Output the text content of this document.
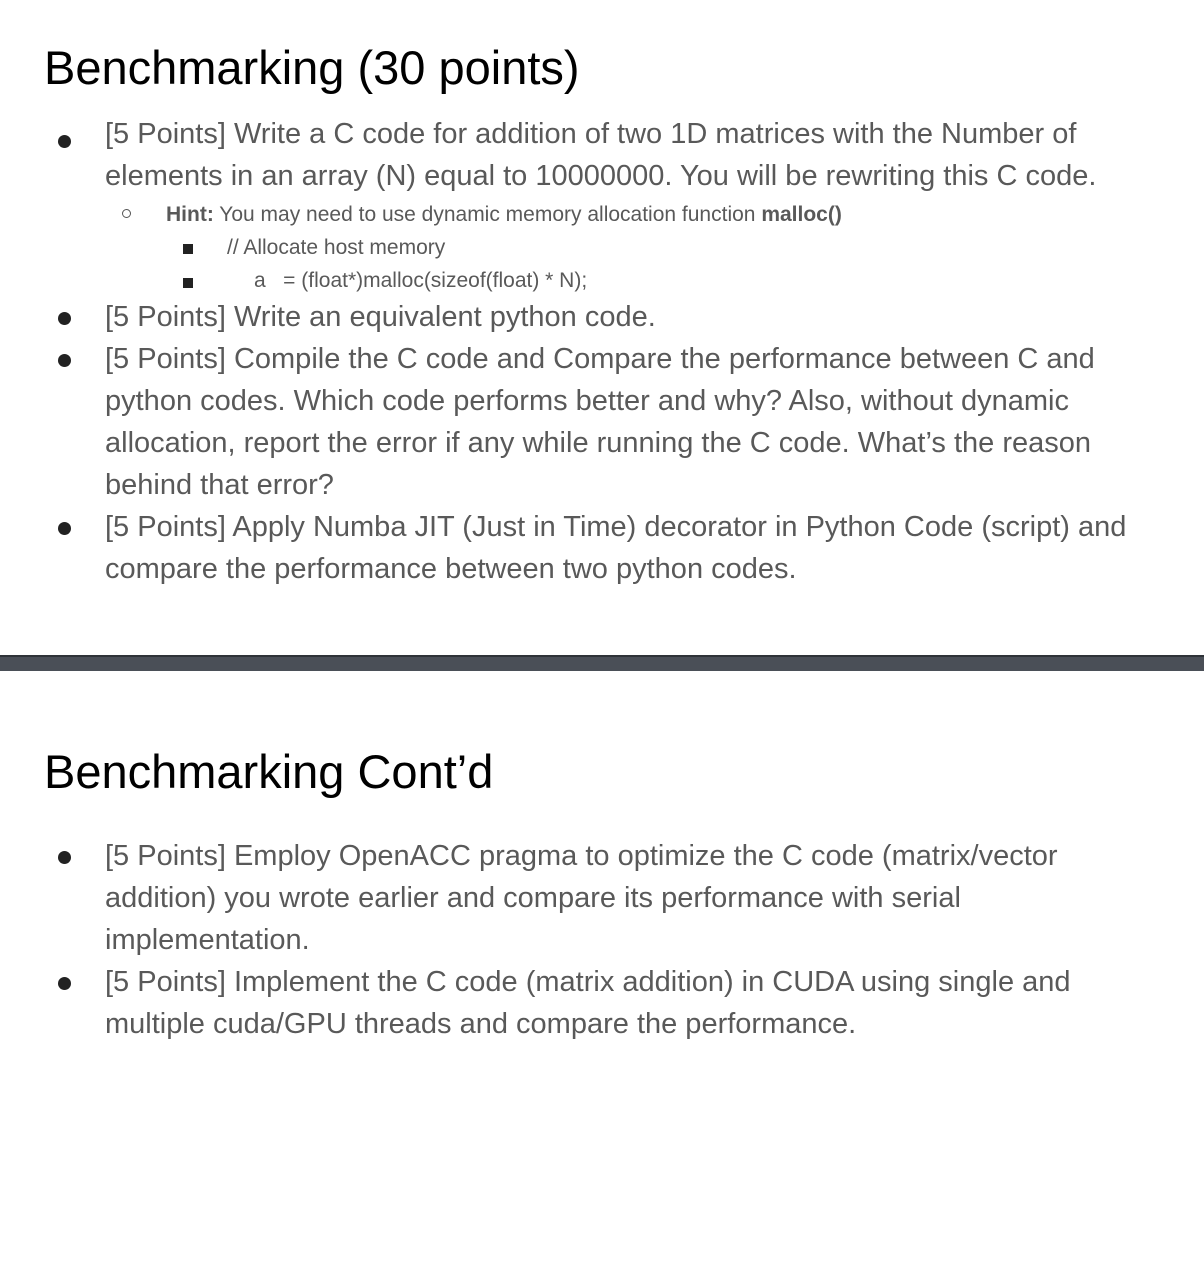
Benchmarking (30 points)

[5 Points] Write a C code for addition of two 1D matrices with the Number of elements in an array (N) equal to 10000000. You will be rewriting this C code.

Hint: You may need to use dynamic memory allocation function malloc()
// Allocate host memory
a   = (float*)malloc(sizeof(float) * N);

[5 Points] Write an equivalent python code.

[5 Points] Compile the C code and Compare the performance between C and python codes. Which code performs better and why? Also, without dynamic allocation, report the error if any while running the C code. What’s the reason behind that error?

[5 Points] Apply Numba JIT (Just in Time) decorator in Python Code (script) and compare the performance between two python codes.

Benchmarking Cont’d

[5 Points] Employ OpenACC pragma to optimize the C code (matrix/vector addition) you wrote earlier and compare its performance with serial implementation.

[5 Points] Implement the C code (matrix addition) in CUDA using single and multiple cuda/GPU threads and compare the performance.
